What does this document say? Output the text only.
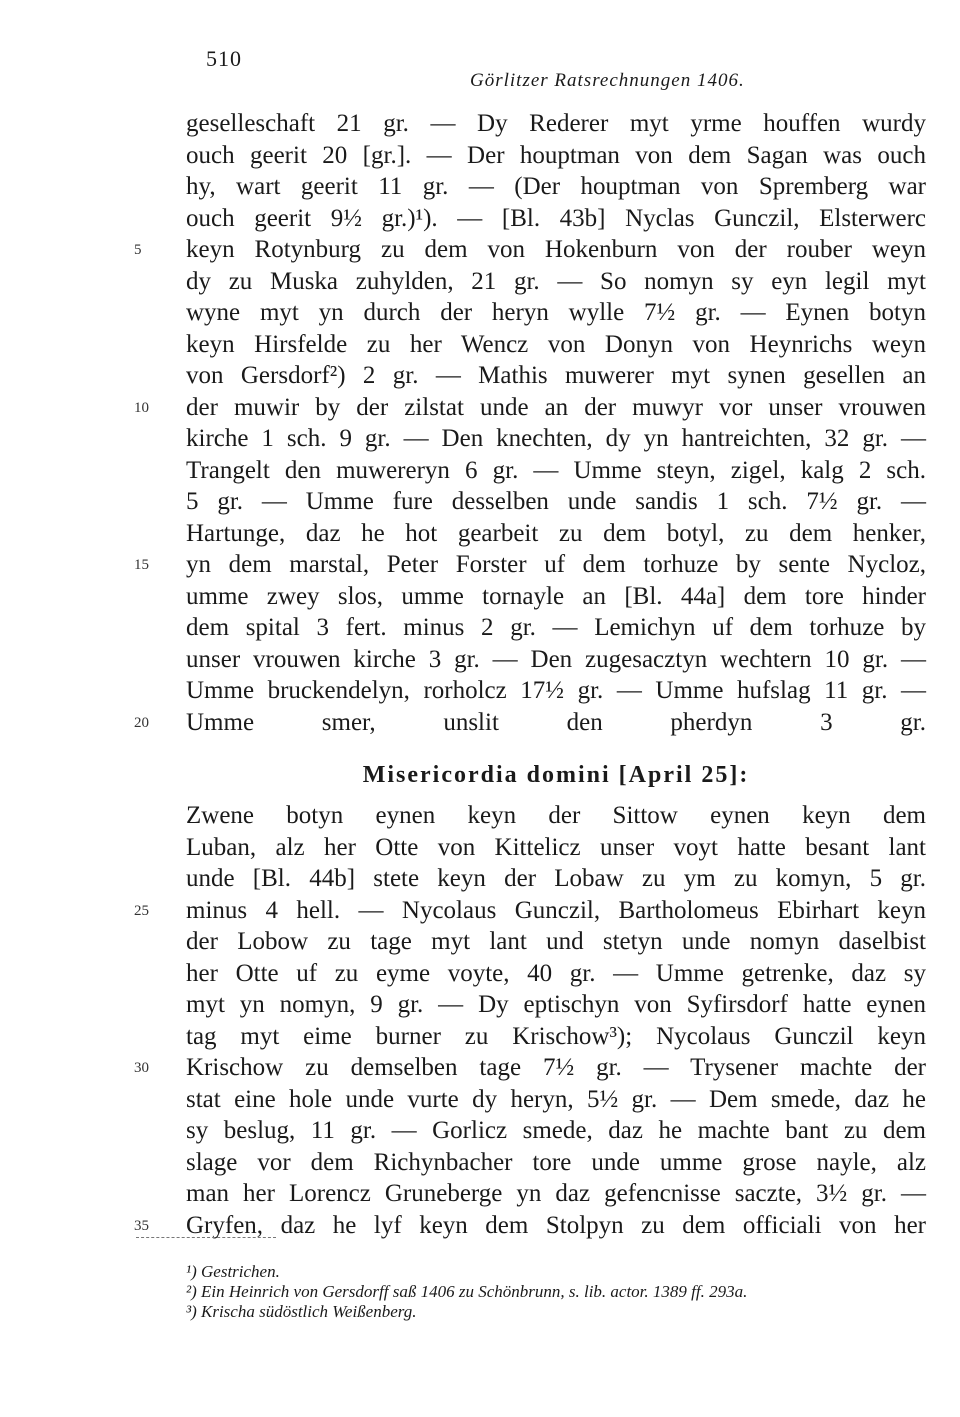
510
Görlitzer Ratsrechnungen 1406.
geselleschaft 21 gr. — Dy Rederer myt yrme houffen wurdy
ouch geerit 20 [gr.]. — Der houptman von dem Sagan was ouch
hy, wart geerit 11 gr. — (Der houptman von Spremberg war
ouch geerit 9½ gr.)¹). — [Bl. 43b] Nyclas Gunczil, Elsterwerc
5	keyn Rotynburg zu dem von Hokenburn von der rouber weyn
dy zu Muska zuhylden, 21 gr. — So nomyn sy eyn legil myt
wyne myt yn durch der heryn wylle 7½ gr. — Eynen botyn
keyn Hirsfelde zu her Wencz von Donyn von Heynrichs weyn
von Gersdorf²) 2 gr. — Mathis muwerer myt synen gesellen an
10	der muwir by der zilstat unde an der muwyr vor unser vrouwen
kirche 1 sch. 9 gr. — Den knechten, dy yn hantreichten, 32 gr. —
Trangelt den muwereryn 6 gr. — Umme steyn, zigel, kalg 2 sch.
5 gr. — Umme fure desselben unde sandis 1 sch. 7½ gr. —
Hartunge, daz he hot gearbeit zu dem botyl, zu dem henker,
15	yn dem marstal, Peter Forster uf dem torhuze by sente Nycloz,
umme zwey slos, umme tornayle an [Bl. 44a] dem tore hinder
dem spital 3 fert. minus 2 gr. — Lemichyn uf dem torhuze by
unser vrouwen kirche 3 gr. — Den zugesacztyn wechtern 10 gr. —
Umme bruckendelyn, rorholcz 17½ gr. — Umme hufslag 11 gr. —
20	Umme smer, unslit den pherdyn 3 gr.
Misericordia domini [April 25]:
Zwene botyn eynen keyn der Sittow eynen keyn dem
Luban, alz her Otte von Kittelicz unser voyt hatte besant lant
unde [Bl. 44b] stete keyn der Lobaw zu ym zu komyn, 5 gr.
25	minus 4 hell. — Nycolaus Gunczil, Bartholomeus Ebirhart keyn
der Lobow zu tage myt lant und stetyn unde nomyn daselbist
her Otte uf zu eyme voyte, 40 gr. — Umme getrenke, daz sy
myt yn nomyn, 9 gr. — Dy eptischyn von Syfirsdorf hatte eynen
tag myt eime burner zu Krischow³); Nycolaus Gunczil keyn
30	Krischow zu demselben tage 7½ gr. — Trysener machte der
stat eine hole unde vurte dy heryn, 5½ gr. — Dem smede, daz he
sy beslug, 11 gr. — Gorlicz smede, daz he machte bant zu dem
slage vor dem Richynbacher tore unde umme grose nayle, alz
man her Lorencz Gruneberge yn daz gefencnisse saczte, 3½ gr. —
35	Gryfen, daz he lyf keyn dem Stolpyn zu dem officiali von her
¹) Gestrichen.
²) Ein Heinrich von Gersdorff saß 1406 zu Schönbrunn, s. lib. actor. 1389 ff. 293a.
³) Krischa südöstlich Weißenberg.
